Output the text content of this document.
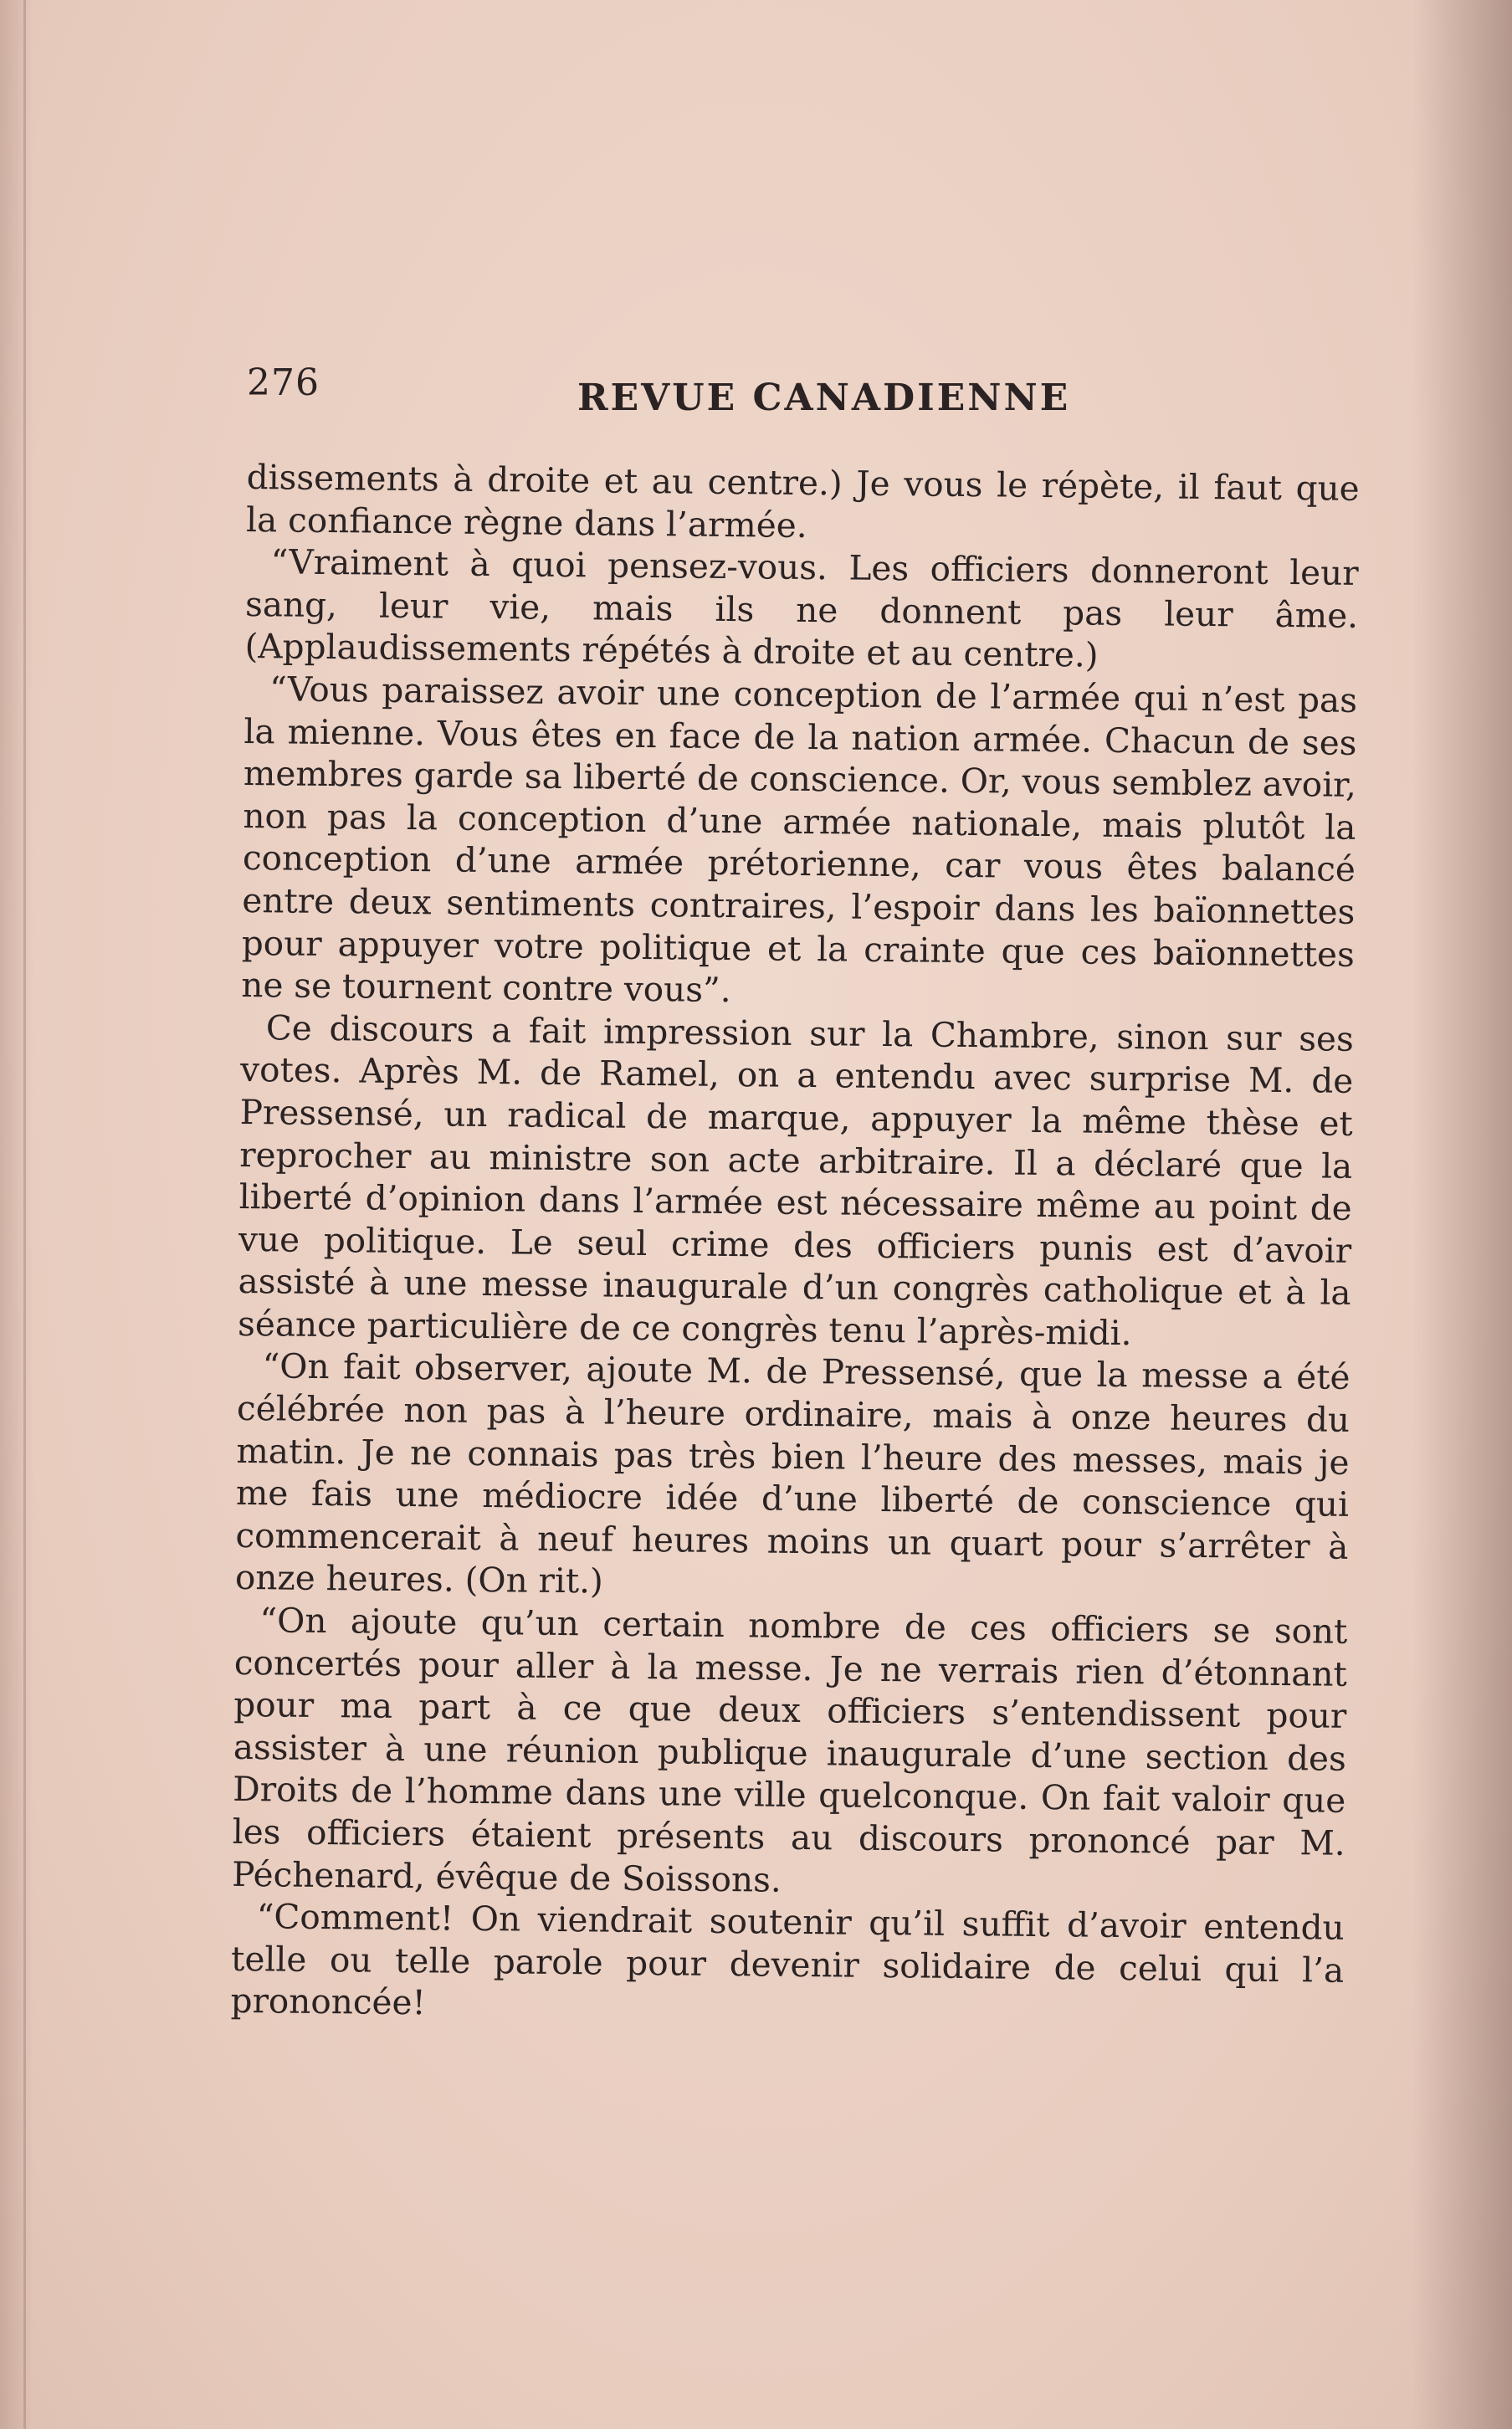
276	REVUE CANADIENNE

dissements à droite et au centre.) Je vous le répète, il faut que la confiance règne dans l’armée.

“Vraiment à quoi pensez-vous. Les officiers donneront leur sang, leur vie, mais ils ne donnent pas leur âme. (Applaudissements répétés à droite et au centre.)

“Vous paraissez avoir une conception de l’armée qui n’est pas la mienne. Vous êtes en face de la nation armée. Chacun de ses membres garde sa liberté de conscience. Or, vous semblez avoir, non pas la conception d’une armée nationale, mais plutôt la conception d’une armée prétorienne, car vous êtes balancé entre deux sentiments contraires, l’espoir dans les baïonnettes pour appuyer votre politique et la crainte que ces baïonnettes ne se tournent contre vous”.

Ce discours a fait impression sur la Chambre, sinon sur ses votes. Après M. de Ramel, on a entendu avec surprise M. de Pressensé, un radical de marque, appuyer la même thèse et reprocher au ministre son acte arbitraire. Il a déclaré que la liberté d’opinion dans l’armée est nécessaire même au point de vue politique. Le seul crime des officiers punis est d’avoir assisté à une messe inaugurale d’un congrès catholique et à la séance particulière de ce congrès tenu l’après-midi.

“On fait observer, ajoute M. de Pressensé, que la messe a été célébrée non pas à l’heure ordinaire, mais à onze heures du matin. Je ne connais pas très bien l’heure des messes, mais je me fais une médiocre idée d’une liberté de conscience qui commencerait à neuf heures moins un quart pour s’arrêter à onze heures. (On rit.)

“On ajoute qu’un certain nombre de ces officiers se sont concertés pour aller à la messe. Je ne verrais rien d’étonnant pour ma part à ce que deux officiers s’entendissent pour assister à une réunion publique inaugurale d’une section des Droits de l’homme dans une ville quelconque. On fait valoir que les officiers étaient présents au discours prononcé par M. Péchenard, évêque de Soissons.

“Comment! On viendrait soutenir qu’il suffit d’avoir entendu telle ou telle parole pour devenir solidaire de celui qui l’a prononcée!
